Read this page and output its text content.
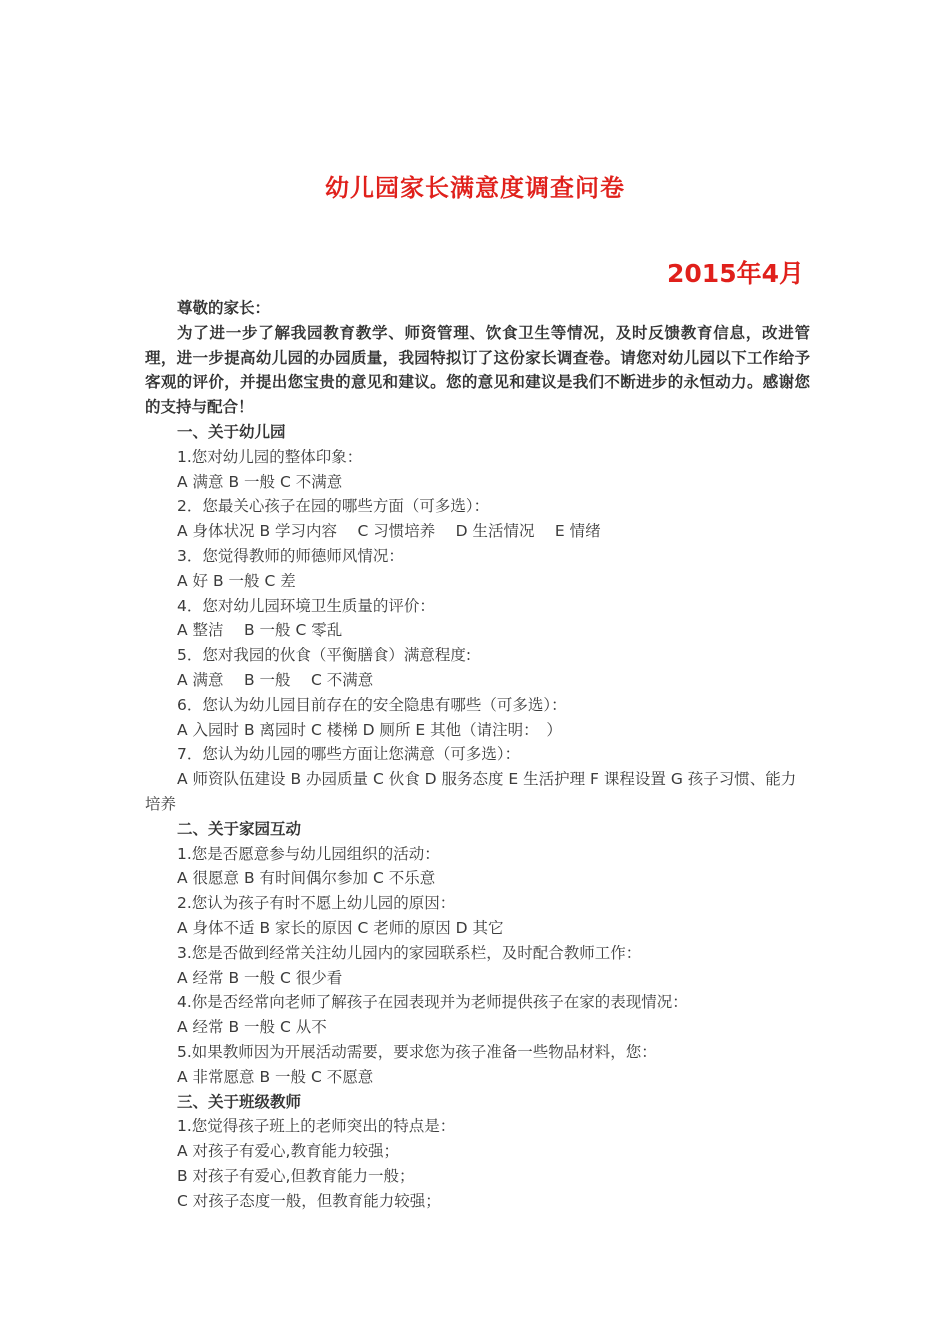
幼儿园家长满意度调查问卷
2015年4月

尊敬的家长：

为了进一步了解我园教育教学、师资管理、饮食卫生等情况，及时反馈教育信息，改进管理，进一步提高幼儿园的办园质量，我园特拟订了这份家长调查卷。请您对幼儿园以下工作给予客观的评价，并提出您宝贵的意见和建议。您的意见和建议是我们不断进步的永恒动力。感谢您的支持与配合！

一、关于幼儿园

1.您对幼儿园的整体印象：

A 满意 B 一般 C 不满意

2．您最关心孩子在园的哪些方面（可多选）：

A 身体状况 B 学习内容　 C 习惯培养　 D 生活情况　 E 情绪

3．您觉得教师的师德师风情况：

A 好 B 一般 C 差

4．您对幼儿园环境卫生质量的评价：

A 整洁　 B 一般 C 零乱

5．您对我园的伙食（平衡膳食）满意程度:

A 满意　 B 一般　 C 不满意

6．您认为幼儿园目前存在的安全隐患有哪些（可多选）：

A 入园时 B 离园时 C 楼梯 D 厕所 E 其他（请注明：　）

7．您认为幼儿园的哪些方面让您满意（可多选）：

A 师资队伍建设 B 办园质量 C 伙食 D 服务态度 E 生活护理 F 课程设置 G 孩子习惯、能力培养

二、关于家园互动

1.您是否愿意参与幼儿园组织的活动：

A 很愿意 B 有时间偶尔参加 C 不乐意

2.您认为孩子有时不愿上幼儿园的原因：

A 身体不适 B 家长的原因 C 老师的原因 D 其它

3.您是否做到经常关注幼儿园内的家园联系栏，及时配合教师工作：

A 经常 B 一般 C 很少看

4.你是否经常向老师了解孩子在园表现并为老师提供孩子在家的表现情况：

A 经常 B 一般 C 从不

5.如果教师因为开展活动需要，要求您为孩子准备一些物品材料，您：

A 非常愿意 B 一般 C 不愿意

三、关于班级教师

1.您觉得孩子班上的老师突出的特点是：

A 对孩子有爱心,教育能力较强；

B 对孩子有爱心,但教育能力一般；

C 对孩子态度一般，但教育能力较强；
